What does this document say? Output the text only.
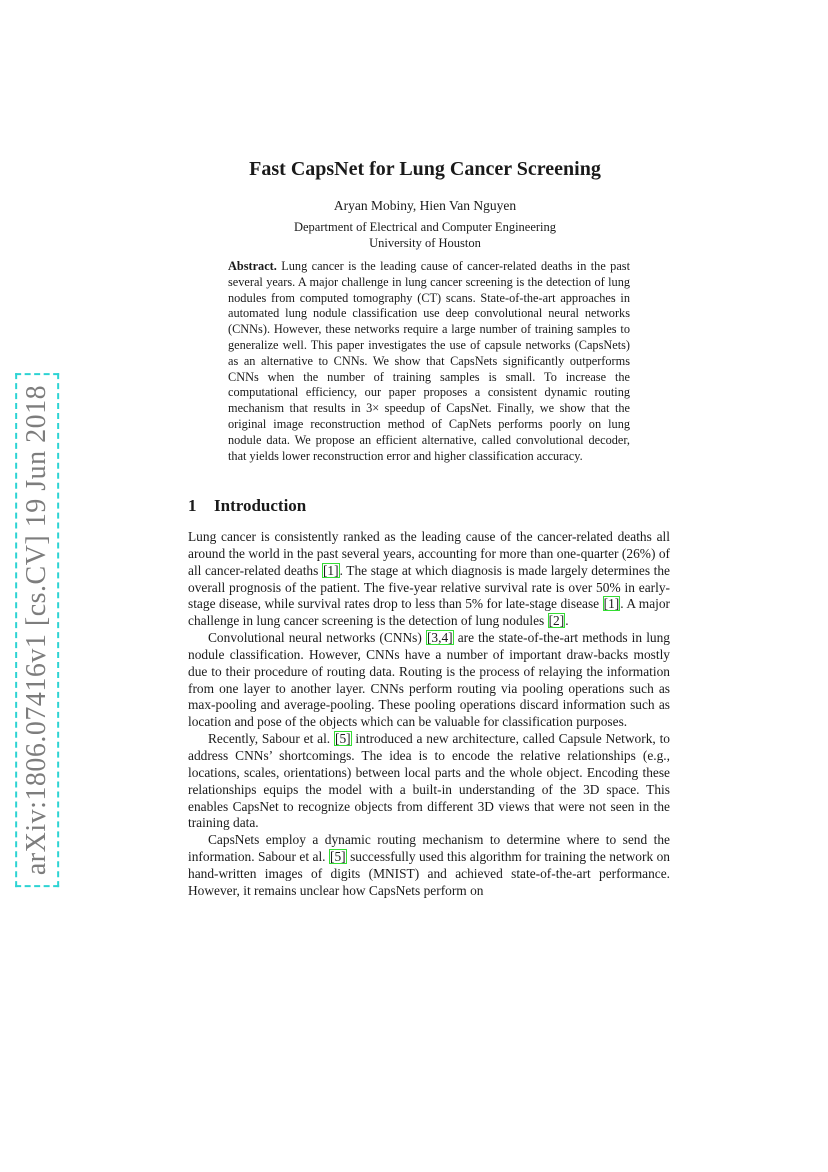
arXiv:1806.07416v1 [cs.CV] 19 Jun 2018
Fast CapsNet for Lung Cancer Screening

Aryan Mobiny, Hien Van Nguyen

Department of Electrical and Computer Engineering
University of Houston

Abstract. Lung cancer is the leading cause of cancer-related deaths in the past several years. A major challenge in lung cancer screening is the detection of lung nodules from computed tomography (CT) scans. State-of-the-art approaches in automated lung nodule classification use deep convolutional neural networks (CNNs). However, these networks require a large number of training samples to generalize well. This paper investigates the use of capsule networks (CapsNets) as an alternative to CNNs. We show that CapsNets significantly outperforms CNNs when the number of training samples is small. To increase the computational efficiency, our paper proposes a consistent dynamic routing mechanism that results in 3× speedup of CapsNet. Finally, we show that the original image reconstruction method of CapNets performs poorly on lung nodule data. We propose an efficient alternative, called convolutional decoder, that yields lower reconstruction error and higher classification accuracy.

1 Introduction

Lung cancer is consistently ranked as the leading cause of the cancer-related deaths all around the world in the past several years, accounting for more than one-quarter (26%) of all cancer-related deaths [1]. The stage at which diagnosis is made largely determines the overall prognosis of the patient. The five-year relative survival rate is over 50% in early-stage disease, while survival rates drop to less than 5% for late-stage disease [1]. A major challenge in lung cancer screening is the detection of lung nodules [2].

Convolutional neural networks (CNNs) [3,4] are the state-of-the-art methods in lung nodule classification. However, CNNs have a number of important draw-backs mostly due to their procedure of routing data. Routing is the process of relaying the information from one layer to another layer. CNNs perform routing via pooling operations such as max-pooling and average-pooling. These pooling operations discard information such as location and pose of the objects which can be valuable for classification purposes.

Recently, Sabour et al. [5] introduced a new architecture, called Capsule Network, to address CNNs’ shortcomings. The idea is to encode the relative relationships (e.g., locations, scales, orientations) between local parts and the whole object. Encoding these relationships equips the model with a built-in understanding of the 3D space. This enables CapsNet to recognize objects from different 3D views that were not seen in the training data.

CapsNets employ a dynamic routing mechanism to determine where to send the information. Sabour et al. [5] successfully used this algorithm for training the network on hand-written images of digits (MNIST) and achieved state-of-the-art performance. However, it remains unclear how CapsNets perform on
